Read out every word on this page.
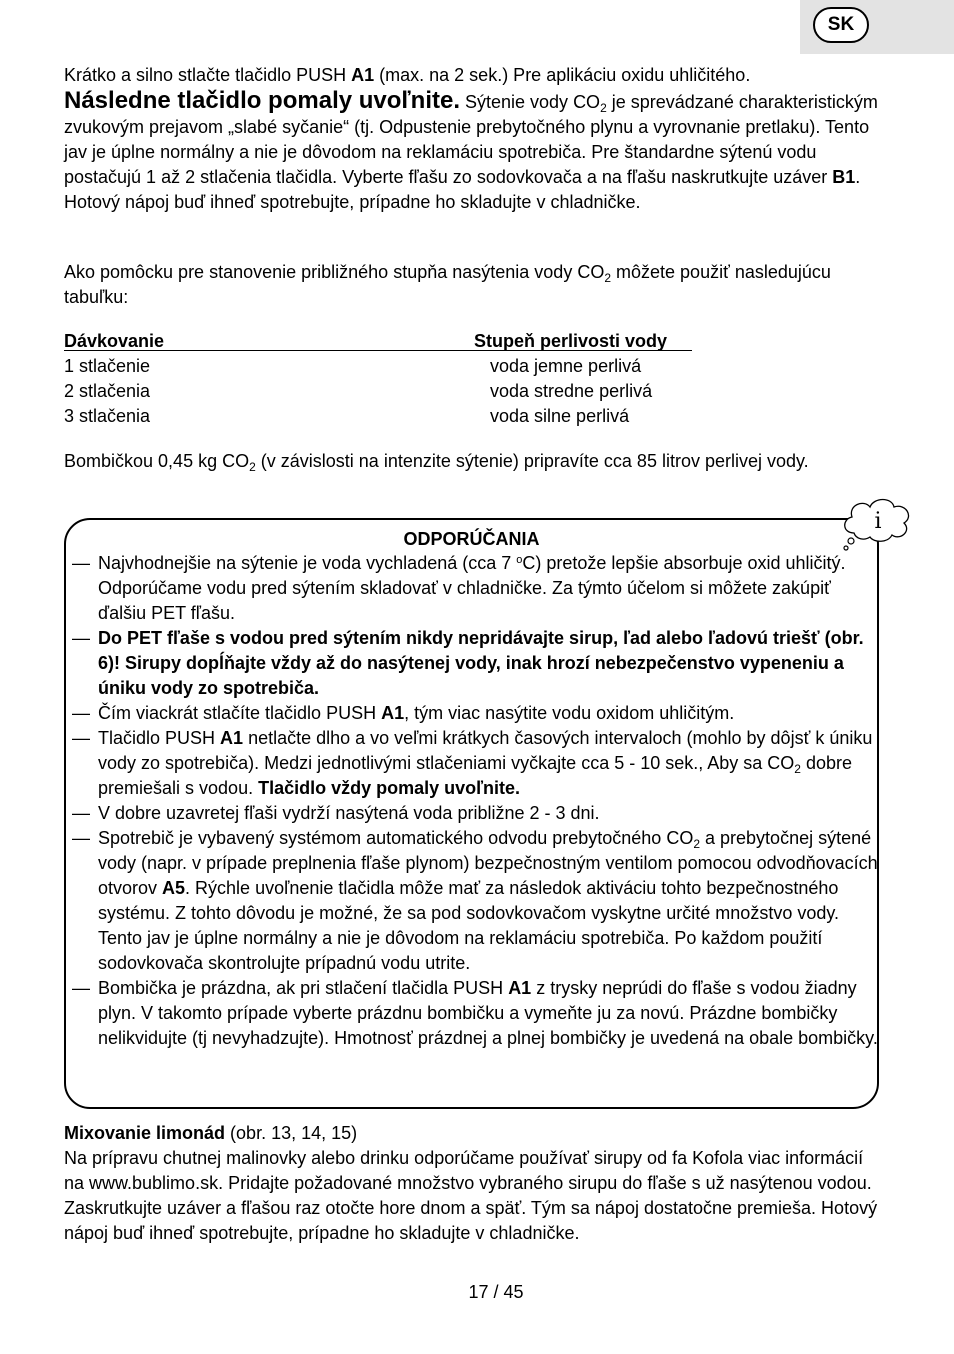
SK

Krátko a silno stlačte tlačidlo PUSH A1 (max. na 2 sek.) Pre aplikáciu oxidu uhličitého.
Následne tlačidlo pomaly uvoľnite. Sýtenie vody $CO_2$ je sprevádzané charakteristickým zvukovým prejavom „slabé syčanie“ (tj. Odpustenie prebytočného plynu a vyrovnanie pretlaku). Tento jav je úplne normálny a nie je dôvodom na reklamáciu spotrebiča. Pre štandardne sýtenú vodu postačujú 1 až 2 stlačenia tlačidla. Vyberte fľašu zo sodovkovača a na fľašu naskrutkujte uzáver B1. Hotový nápoj buď ihneď spotrebujte, prípadne ho skladujte v chladničke.

Ako pomôcku pre stanovenie približného stupňa nasýtenia vody $CO_2$ môžete použiť nasledujúcu tabuľku:

Dávkovanie	Stupeň perlivosti vody
1 stlačenie	voda jemne perlivá
2 stlačenia	voda stredne perlivá
3 stlačenia	voda silne perlivá

Bombičkou 0,45 kg $CO_2$ (v závislosti na intenzite sýtenie) pripravíte cca 85 litrov perlivej vody.

i
ODPORÚČANIA
— Najvhodnejšie na sýtenie je voda vychladená (cca 7 $^o$C) pretože lepšie absorbuje oxid uhličitý. Odporúčame vodu pred sýtením skladovať v chladničke. Za týmto účelom si môžete zakúpiť ďalšiu PET fľašu.
— Do PET fľaše s vodou pred sýtením nikdy nepridávajte sirup, ľad alebo ľadovú triešť (obr. 6)! Sirupy dopĺňajte vždy až do nasýtenej vody, inak hrozí nebezpečenstvo vypeneniu a úniku vody zo spotrebiča.
— Čím viackrát stlačíte tlačidlo PUSH A1, tým viac nasýtite vodu oxidom uhličitým.
— Tlačidlo PUSH A1 netlačte dlho a vo veľmi krátkych časových intervaloch (mohlo by dôjsť k úniku vody zo spotrebiča). Medzi jednotlivými stlačeniami vyčkajte cca 5 - 10 sek., Aby sa $CO_2$ dobre premiešali s vodou. Tlačidlo vždy pomaly uvoľnite.
— V dobre uzavretej fľaši vydrží nasýtená voda približne 2 - 3 dni.
— Spotrebič je vybavený systémom automatického odvodu prebytočného $CO_2$ a prebytočnej sýtené vody (napr. v prípade preplnenia fľaše plynom) bezpečnostným ventilom pomocou odvodňovacích otvorov A5. Rýchle uvoľnenie tlačidla môže mať za následok aktiváciu tohto bezpečnostného systému. Z tohto dôvodu je možné, že sa pod sodovkovačom vyskytne určité množstvo vody. Tento jav je úplne normálny a nie je dôvodom na reklamáciu spotrebiča. Po každom použití sodovkovača skontrolujte prípadnú vodu utrite.
— Bombička je prázdna, ak pri stlačení tlačidla PUSH A1 z trysky neprúdi do fľaše s vodou žiadny plyn. V takomto prípade vyberte prázdnu bombičku a vymeňte ju za novú. Prázdne bombičky nelikvidujte (tj nevyhadzujte). Hmotnosť prázdnej a plnej bombičky je uvedená na obale bombičky.

Mixovanie limonád (obr. 13, 14, 15)
Na prípravu chutnej malinovky alebo drinku odporúčame používať sirupy od fa Kofola viac informácií na www.bublimo.sk. Pridajte požadované množstvo vybraného sirupu do fľaše s už nasýtenou vodou. Zaskrutkujte uzáver a fľašou raz otočte hore dnom a späť. Tým sa nápoj dostatočne premieša. Hotový nápoj buď ihneď spotrebujte, prípadne ho skladujte v chladničke.

17 / 45
